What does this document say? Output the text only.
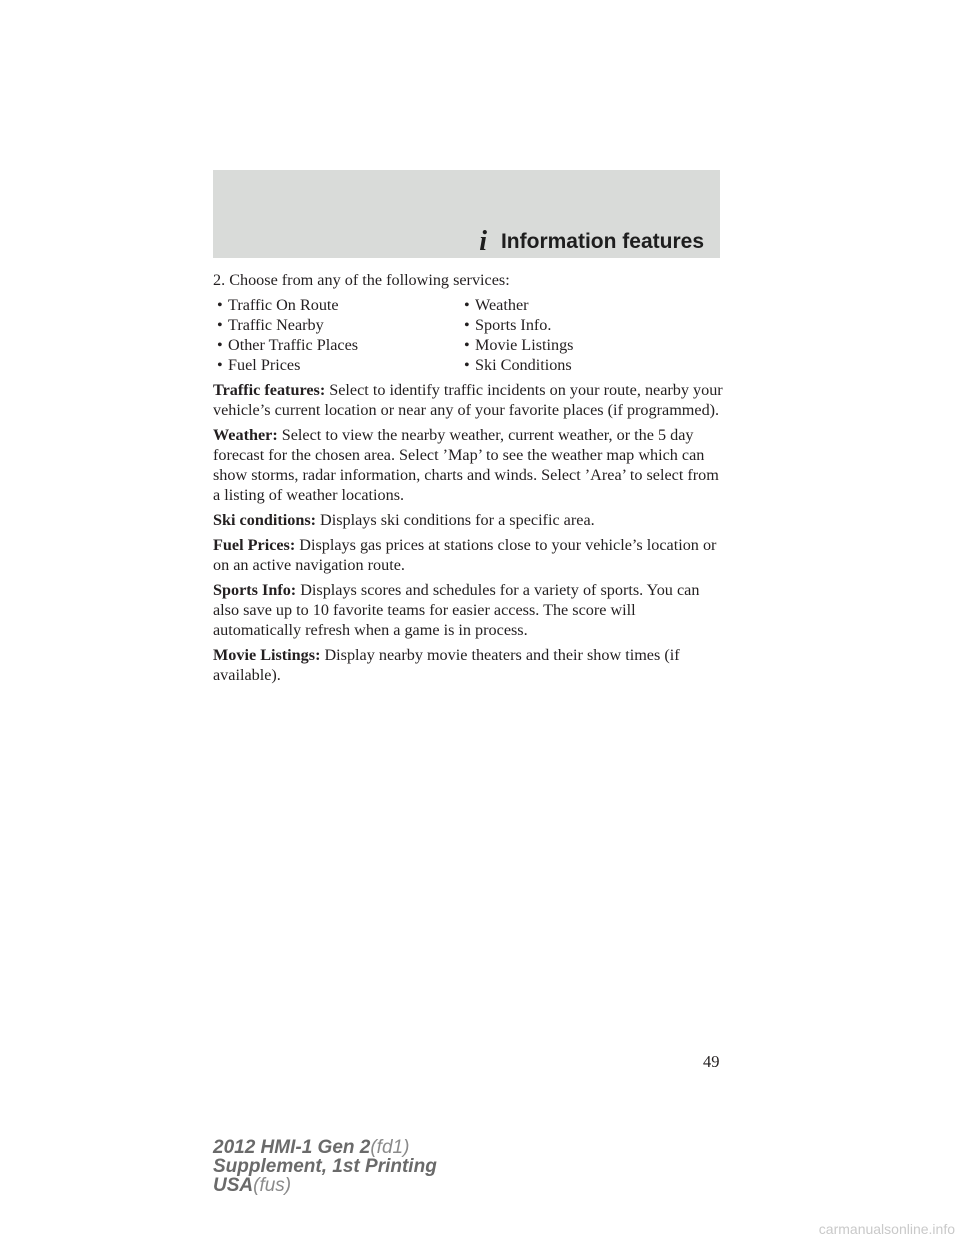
i Information features

2. Choose from any of the following services:

• Traffic On Route	• Weather
• Traffic Nearby	• Sports Info.
• Other Traffic Places	• Movie Listings
• Fuel Prices	• Ski Conditions

Traffic features: Select to identify traffic incidents on your route, nearby your vehicle’s current location or near any of your favorite places (if programmed).

Weather: Select to view the nearby weather, current weather, or the 5 day forecast for the chosen area. Select ’Map’ to see the weather map which can show storms, radar information, charts and winds. Select ’Area’ to select from a listing of weather locations.

Ski conditions: Displays ski conditions for a specific area.

Fuel Prices: Displays gas prices at stations close to your vehicle’s location or on an active navigation route.

Sports Info: Displays scores and schedules for a variety of sports. You can also save up to 10 favorite teams for easier access. The score will automatically refresh when a game is in process.

Movie Listings: Display nearby movie theaters and their show times (if available).

49
2012 HMI-1 Gen 2(fd1)
Supplement, 1st Printing
USA(fus)
carmanualsonline.info
